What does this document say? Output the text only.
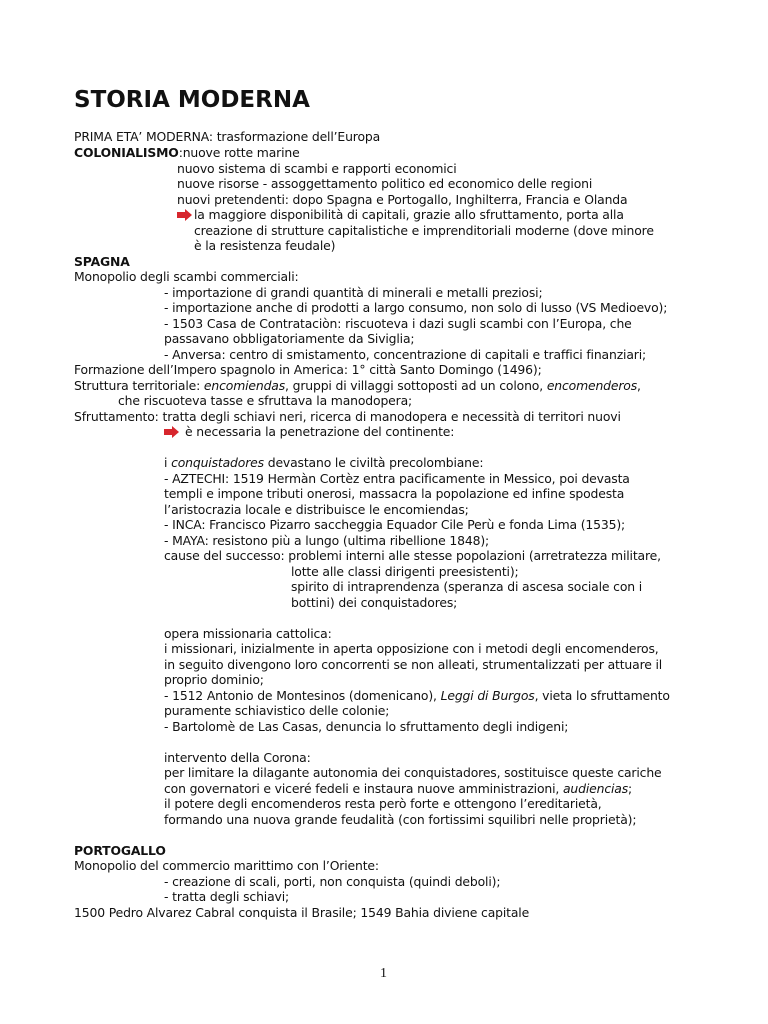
STORIA MODERNA
PRIMA ETA’ MODERNA: trasformazione dell’Europa
COLONIALISMO:nuove rotte marine
nuovo sistema di scambi e rapporti economici
nuove risorse - assoggettamento politico ed economico delle regioni
nuovi pretendenti: dopo Spagna e Portogallo, Inghilterra, Francia e Olanda
la maggiore disponibilità di capitali, grazie allo sfruttamento, porta alla
creazione di strutture capitalistiche e imprenditoriali moderne (dove minore
è la resistenza feudale)
SPAGNA
Monopolio degli scambi commerciali:
- importazione di grandi quantità di minerali e metalli preziosi;
- importazione anche di prodotti a largo consumo, non solo di lusso (VS Medioevo);
- 1503 Casa de Contrataciòn: riscuoteva i dazi sugli scambi con l’Europa, che
passavano obbligatoriamente da Siviglia;
- Anversa: centro di smistamento, concentrazione di capitali e traffici finanziari;
Formazione dell’Impero spagnolo in America: 1° città Santo Domingo (1496);
Struttura territoriale: encomiendas, gruppi di villaggi sottoposti ad un colono, encomenderos,
che riscuoteva tasse e sfruttava la manodopera;
Sfruttamento: tratta degli schiavi neri, ricerca di manodopera e necessità di territori nuovi
è necessaria la penetrazione del continente:
i conquistadores devastano le civiltà precolombiane:
- AZTECHI: 1519 Hermàn Cortèz entra pacificamente in Messico, poi devasta
templi e impone tributi onerosi, massacra la popolazione ed infine spodesta
l’aristocrazia locale e distribuisce le encomiendas;
- INCA: Francisco Pizarro saccheggia Equador Cile Perù e fonda Lima (1535);
- MAYA: resistono più a lungo (ultima ribellione 1848);
cause del successo: problemi interni alle stesse popolazioni (arretratezza militare,
lotte alle classi dirigenti preesistenti);
spirito di intraprendenza (speranza di ascesa sociale con i
bottini) dei conquistadores;
opera missionaria cattolica:
i missionari, inizialmente in aperta opposizione con i metodi degli encomenderos,
in seguito divengono loro concorrenti se non alleati, strumentalizzati per attuare il
proprio dominio;
- 1512 Antonio de Montesinos (domenicano), Leggi di Burgos, vieta lo sfruttamento
puramente schiavistico delle colonie;
- Bartolomè de Las Casas, denuncia lo sfruttamento degli indigeni;
intervento della Corona:
per limitare la dilagante autonomia dei conquistadores, sostituisce queste cariche
con governatori e viceré fedeli e instaura nuove amministrazioni, audiencias;
il potere degli encomenderos resta però forte e ottengono l’ereditarietà,
formando una nuova grande feudalità (con fortissimi squilibri nelle proprietà);
PORTOGALLO
Monopolio del commercio marittimo con l’Oriente:
- creazione di scali, porti, non conquista (quindi deboli);
- tratta degli schiavi;
1500 Pedro Alvarez Cabral conquista il Brasile; 1549 Bahia diviene capitale
1
